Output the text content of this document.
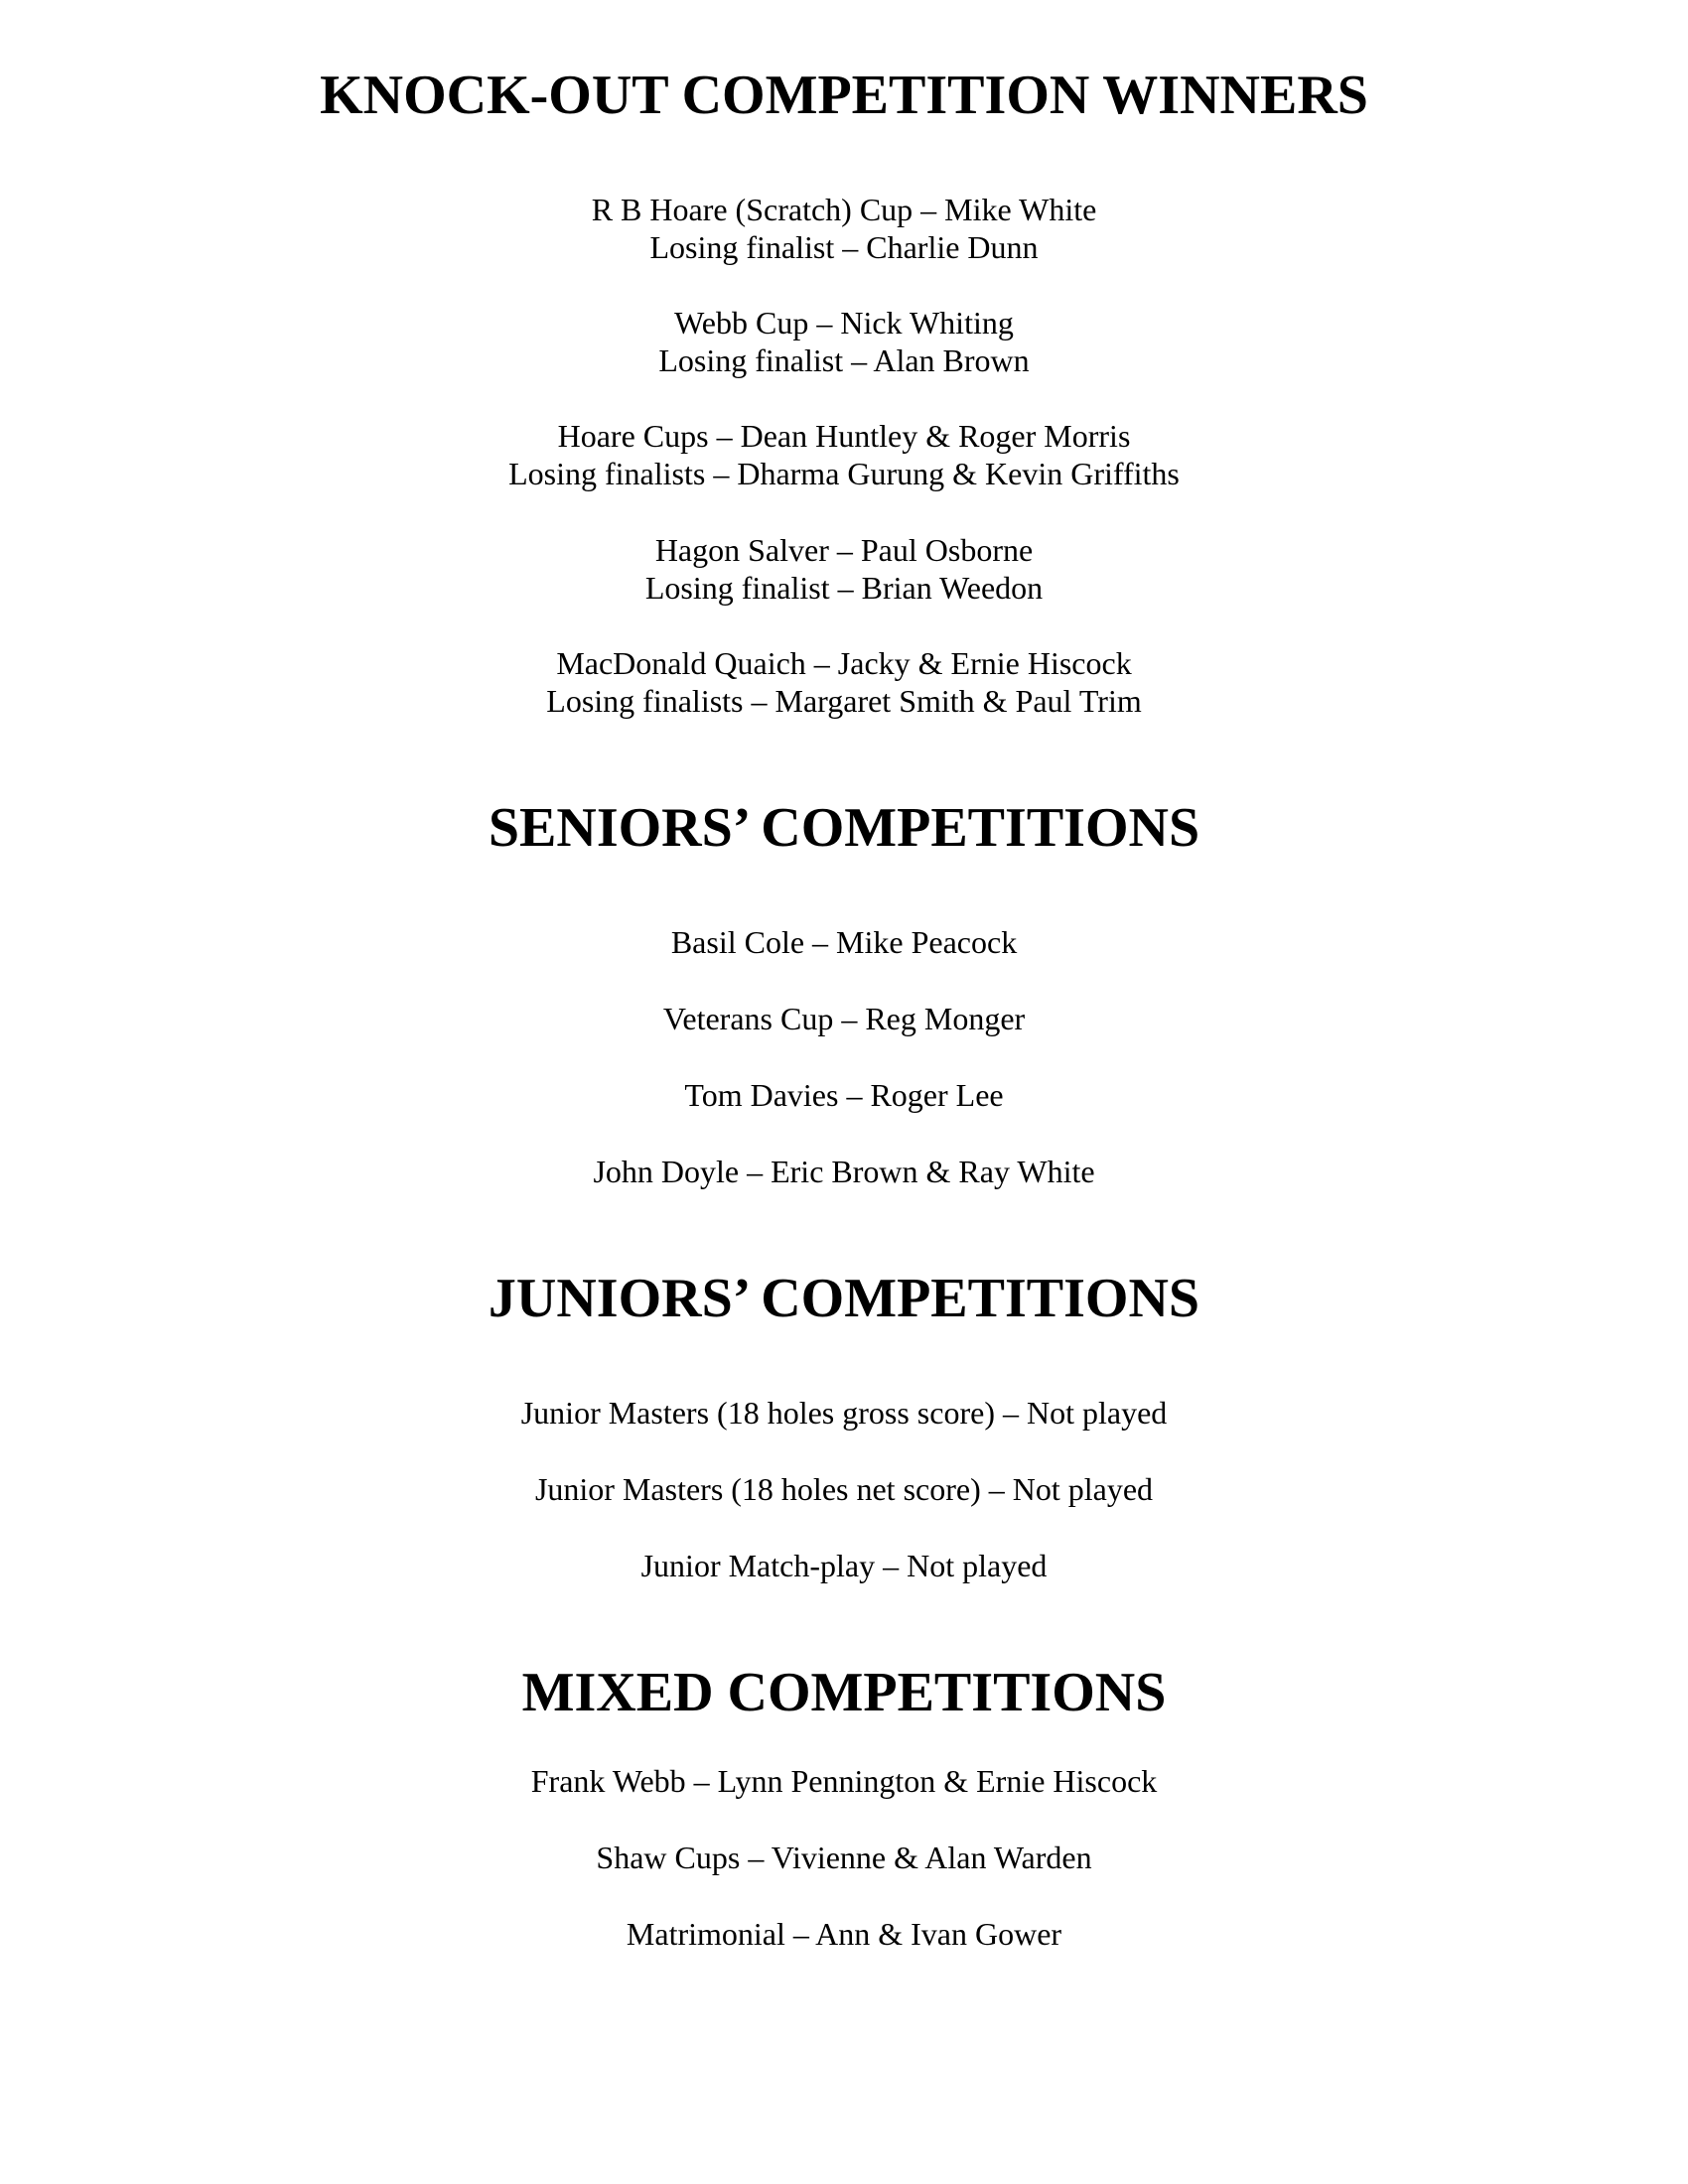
KNOCK-OUT COMPETITION WINNERS
R B Hoare (Scratch) Cup – Mike White
Losing finalist – Charlie Dunn
Webb Cup – Nick Whiting
Losing finalist – Alan Brown
Hoare Cups – Dean Huntley & Roger Morris
Losing finalists – Dharma Gurung & Kevin Griffiths
Hagon Salver – Paul Osborne
Losing finalist – Brian Weedon
MacDonald Quaich – Jacky & Ernie Hiscock
Losing finalists – Margaret Smith & Paul Trim
SENIORS’ COMPETITIONS
Basil Cole – Mike Peacock
Veterans Cup – Reg Monger
Tom Davies – Roger Lee
John Doyle – Eric Brown & Ray White
JUNIORS’ COMPETITIONS
Junior Masters (18 holes gross score) – Not played
Junior Masters (18 holes net score) – Not played
Junior Match-play – Not played
MIXED COMPETITIONS
Frank Webb – Lynn Pennington & Ernie Hiscock
Shaw Cups – Vivienne & Alan Warden
Matrimonial – Ann & Ivan Gower
